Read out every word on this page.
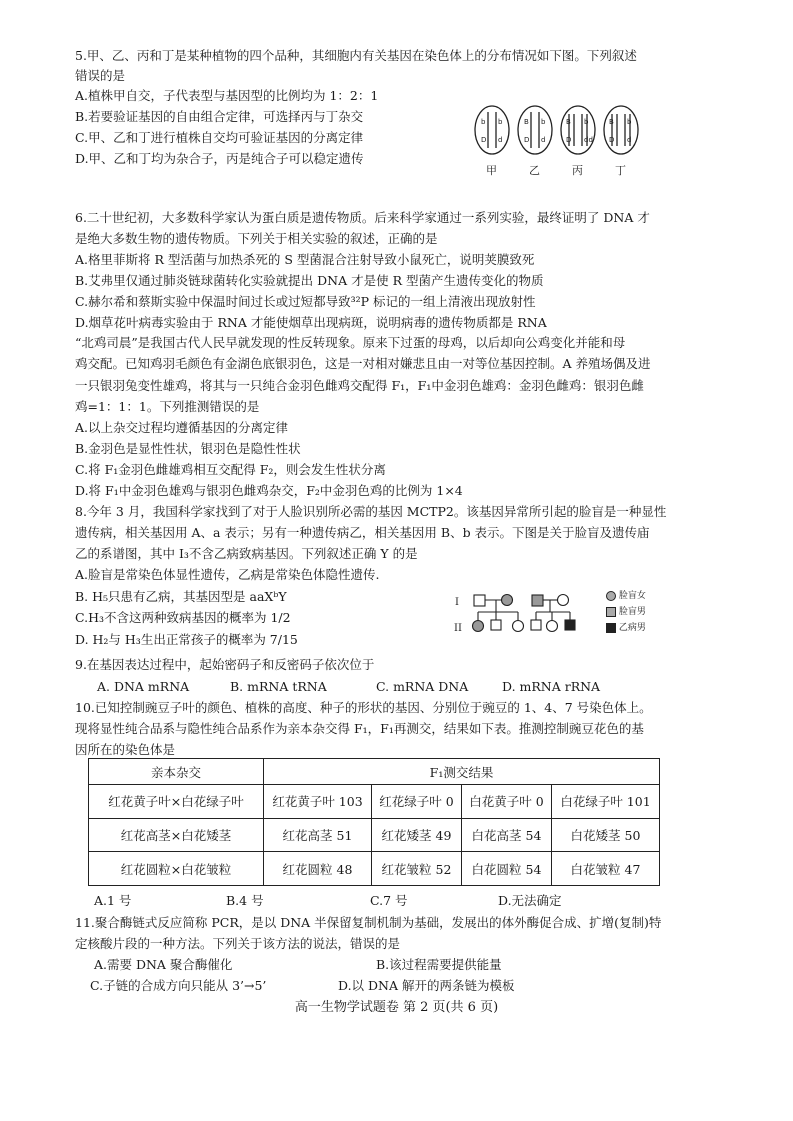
5.甲、乙、丙和丁是某种植物的四个品种，其细胞内有关基因在染色体上的分布情况如下图。下列叙述
错误的是
A.植株甲自交，子代表型与基因型的比例均为 1：2：1
B.若要验证基因的自由组合定律，可选择丙与丁杂交
C.甲、乙和丁进行植株自交均可验证基因的分离定律
D.甲、乙和丁均为杂合子，丙是纯合子可以稳定遗传
b b
D d
B b
D d
B b
D dd
B b
D d
甲	乙	丙	丁
6.二十世纪初，大多数科学家认为蛋白质是遗传物质。后来科学家通过一系列实验，最终证明了 DNA 才
是绝大多数生物的遗传物质。下列关于相关实验的叙述，正确的是
A.格里菲斯将 R 型活菌与加热杀死的 S 型菌混合注射导致小鼠死亡，说明荚膜致死
B.艾弗里仅通过肺炎链球菌转化实验就提出 DNA 才是使 R 型菌产生遗传变化的物质
C.赫尔希和蔡斯实验中保温时间过长或过短都导致³²P 标记的一组上清液出现放射性
D.烟草花叶病毒实验由于 RNA 才能使烟草出现病斑，说明病毒的遗传物质都是 RNA
“北鸡司晨”是我国古代人民早就发现的性反转现象。原来下过蛋的母鸡，以后却向公鸡变化并能和母
鸡交配。已知鸡羽毛颜色有金湖色底银羽色，这是一对相对嫌悲且由一对等位基因控制。A 养殖场偶及进
一只银羽兔变性雄鸡，将其与一只纯合金羽色雌鸡交配得 F₁，F₁中金羽色雄鸡：金羽色雌鸡：银羽色雌
鸡=1：1：1。下列推测错误的是
A.以上杂交过程均遵循基因的分离定律
B.金羽色是显性性状，银羽色是隐性性状
C.将 F₁金羽色雌雄鸡相互交配得 F₂，则会发生性状分离
D.将 F₁中金羽色雄鸡与银羽色雌鸡杂交，F₂中金羽色鸡的比例为 1×4
8.今年 3 月，我国科学家找到了对于人脸识别所必需的基因 MCTP2。该基因异常所引起的脸盲是一种显性
遗传病，相关基因用 A、a 表示；另有一种遗传病乙，相关基因用 B、b 表示。下图是关于脸盲及遗传庙
乙的系谱图，其中 I₃不含乙病致病基因。下列叙述正确 Y 的是
A.脸盲是常染色体显性遗传，乙病是常染色体隐性遗传.
B. H₅只患有乙病，其基因型是 aaXᵇY
C.H₃不含这两种致病基因的概率为 1/2
D. H₂与 H₃生出正常孩子的概率为 7/15
I
II
脸盲女
脸盲男
乙病男
9.在基因表达过程中，起始密码子和反密码子依次位于
A. DNA mRNA	B. mRNA tRNA	C. mRNA DNA	D. mRNA rRNA
10.已知控制豌豆子叶的颜色、植株的高度、种子的形状的基因、分别位于豌豆的 1、4、7 号染色体上。
现将显性纯合品系与隐性纯合品系作为亲本杂交得 F₁，F₁再测交，结果如下表。推测控制豌豆花色的基
因所在的染色体是
亲本杂交	F₁测交结果			
红花黄子叶×白花绿子叶	红花黄子叶 103	红花绿子叶 0	白花黄子叶 0	白花绿子叶 101
红花高茎×白花矮茎	红花高茎 51	红花矮茎 49	白花高茎 54	白花矮茎 50
红花圆粒×白花皱粒	红花圆粒 48	红花皱粒 52	白花圆粒 54	白花皱粒 47
A.1 号	B.4 号	C.7 号	D.无法确定
11.聚合酶链式反应简称 PCR，是以 DNA 半保留复制机制为基础，发展出的体外酶促合成、扩增(复制)特
定核酸片段的一种方法。下列关于该方法的说法，错误的是
A.需要 DNA 聚合酶催化	B.该过程需要提供能量
C.子链的合成方向只能从 3’→5’	D.以 DNA 解开的两条链为模板
高一生物学试题卷 第 2 页(共 6 页)
